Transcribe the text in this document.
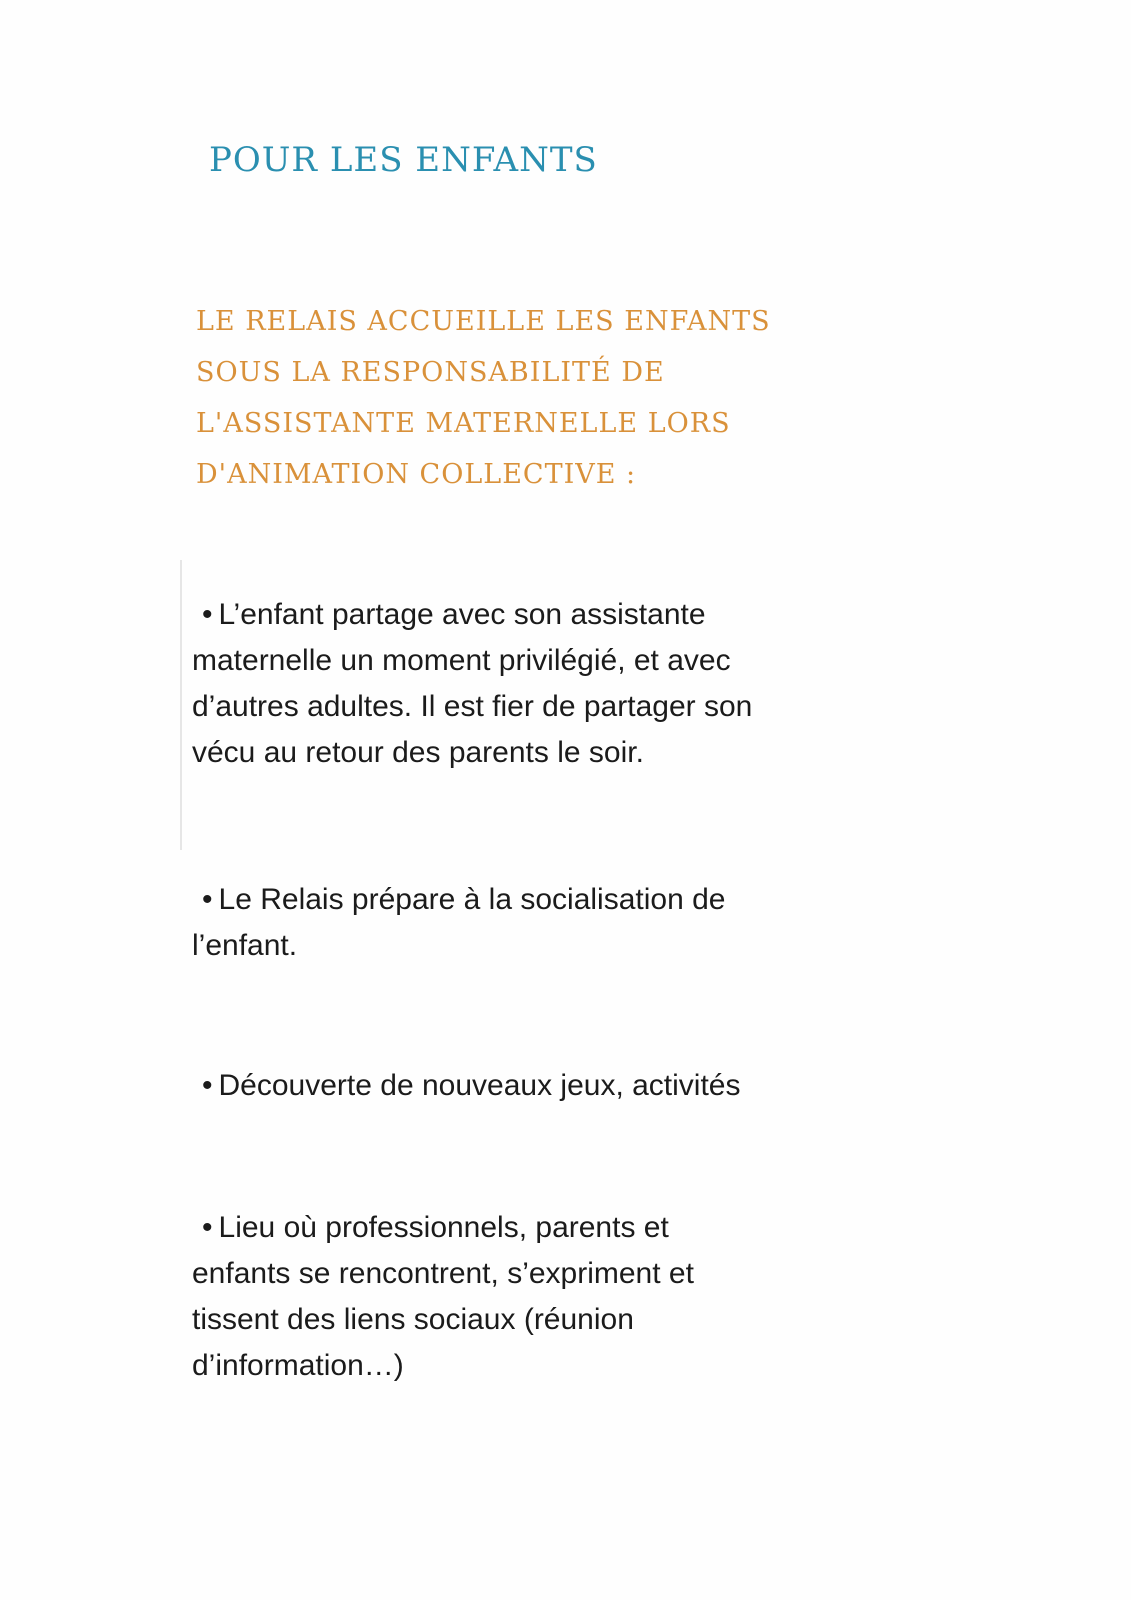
POUR LES ENFANTS
LE RELAIS ACCUEILLE LES ENFANTS
SOUS LA RESPONSABILITÉ DE
L'ASSISTANTE MATERNELLE LORS
D'ANIMATION COLLECTIVE :
• L’enfant partage avec son assistante
maternelle un moment privilégié, et avec
d’autres adultes. Il est fier de partager son
vécu au retour des parents le soir.
• Le Relais prépare à la socialisation de
l’enfant.
• Découverte de nouveaux jeux, activités
• Lieu où professionnels, parents et
enfants se rencontrent, s’expriment et
tissent des liens sociaux (réunion
d’information…)
